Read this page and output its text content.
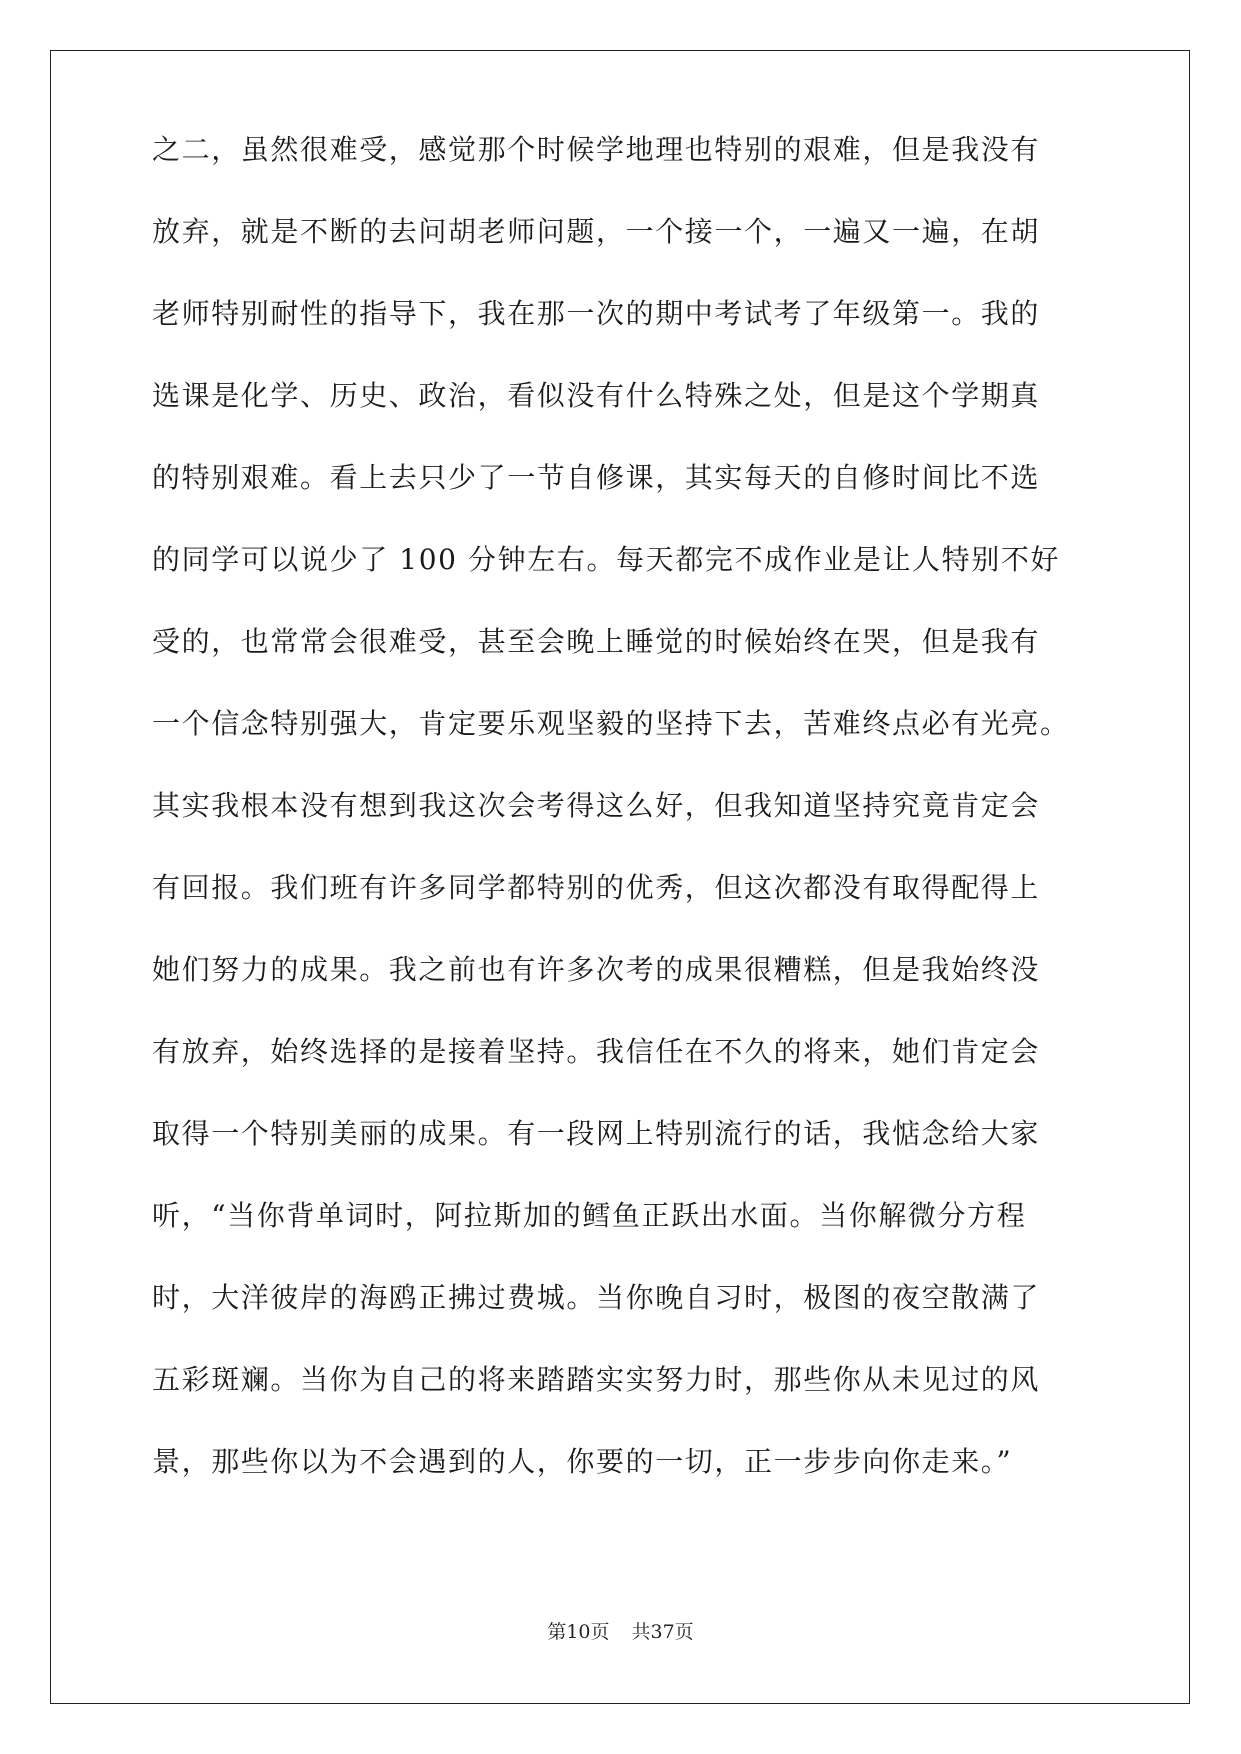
之二，虽然很难受，感觉那个时候学地理也特别的艰难，但是我没有
放弃，就是不断的去问胡老师问题，一个接一个，一遍又一遍，在胡
老师特别耐性的指导下，我在那一次的期中考试考了年级第一。我的
选课是化学、历史、政治，看似没有什么特殊之处，但是这个学期真
的特别艰难。看上去只少了一节自修课，其实每天的自修时间比不选
的同学可以说少了 100 分钟左右。每天都完不成作业是让人特别不好
受的，也常常会很难受，甚至会晚上睡觉的时候始终在哭，但是我有
一个信念特别强大，肯定要乐观坚毅的坚持下去，苦难终点必有光亮。
其实我根本没有想到我这次会考得这么好，但我知道坚持究竟肯定会
有回报。我们班有许多同学都特别的优秀，但这次都没有取得配得上
她们努力的成果。我之前也有许多次考的成果很糟糕，但是我始终没
有放弃，始终选择的是接着坚持。我信任在不久的将来，她们肯定会
取得一个特别美丽的成果。有一段网上特别流行的话，我惦念给大家
听，“当你背单词时，阿拉斯加的鳕鱼正跃出水面。当你解微分方程
时，大洋彼岸的海鸥正拂过费城。当你晚自习时，极图的夜空散满了
五彩斑斓。当你为自己的将来踏踏实实努力时，那些你从未见过的风
景，那些你以为不会遇到的人，你要的一切，正一步步向你走来。”
第10页 共37页
